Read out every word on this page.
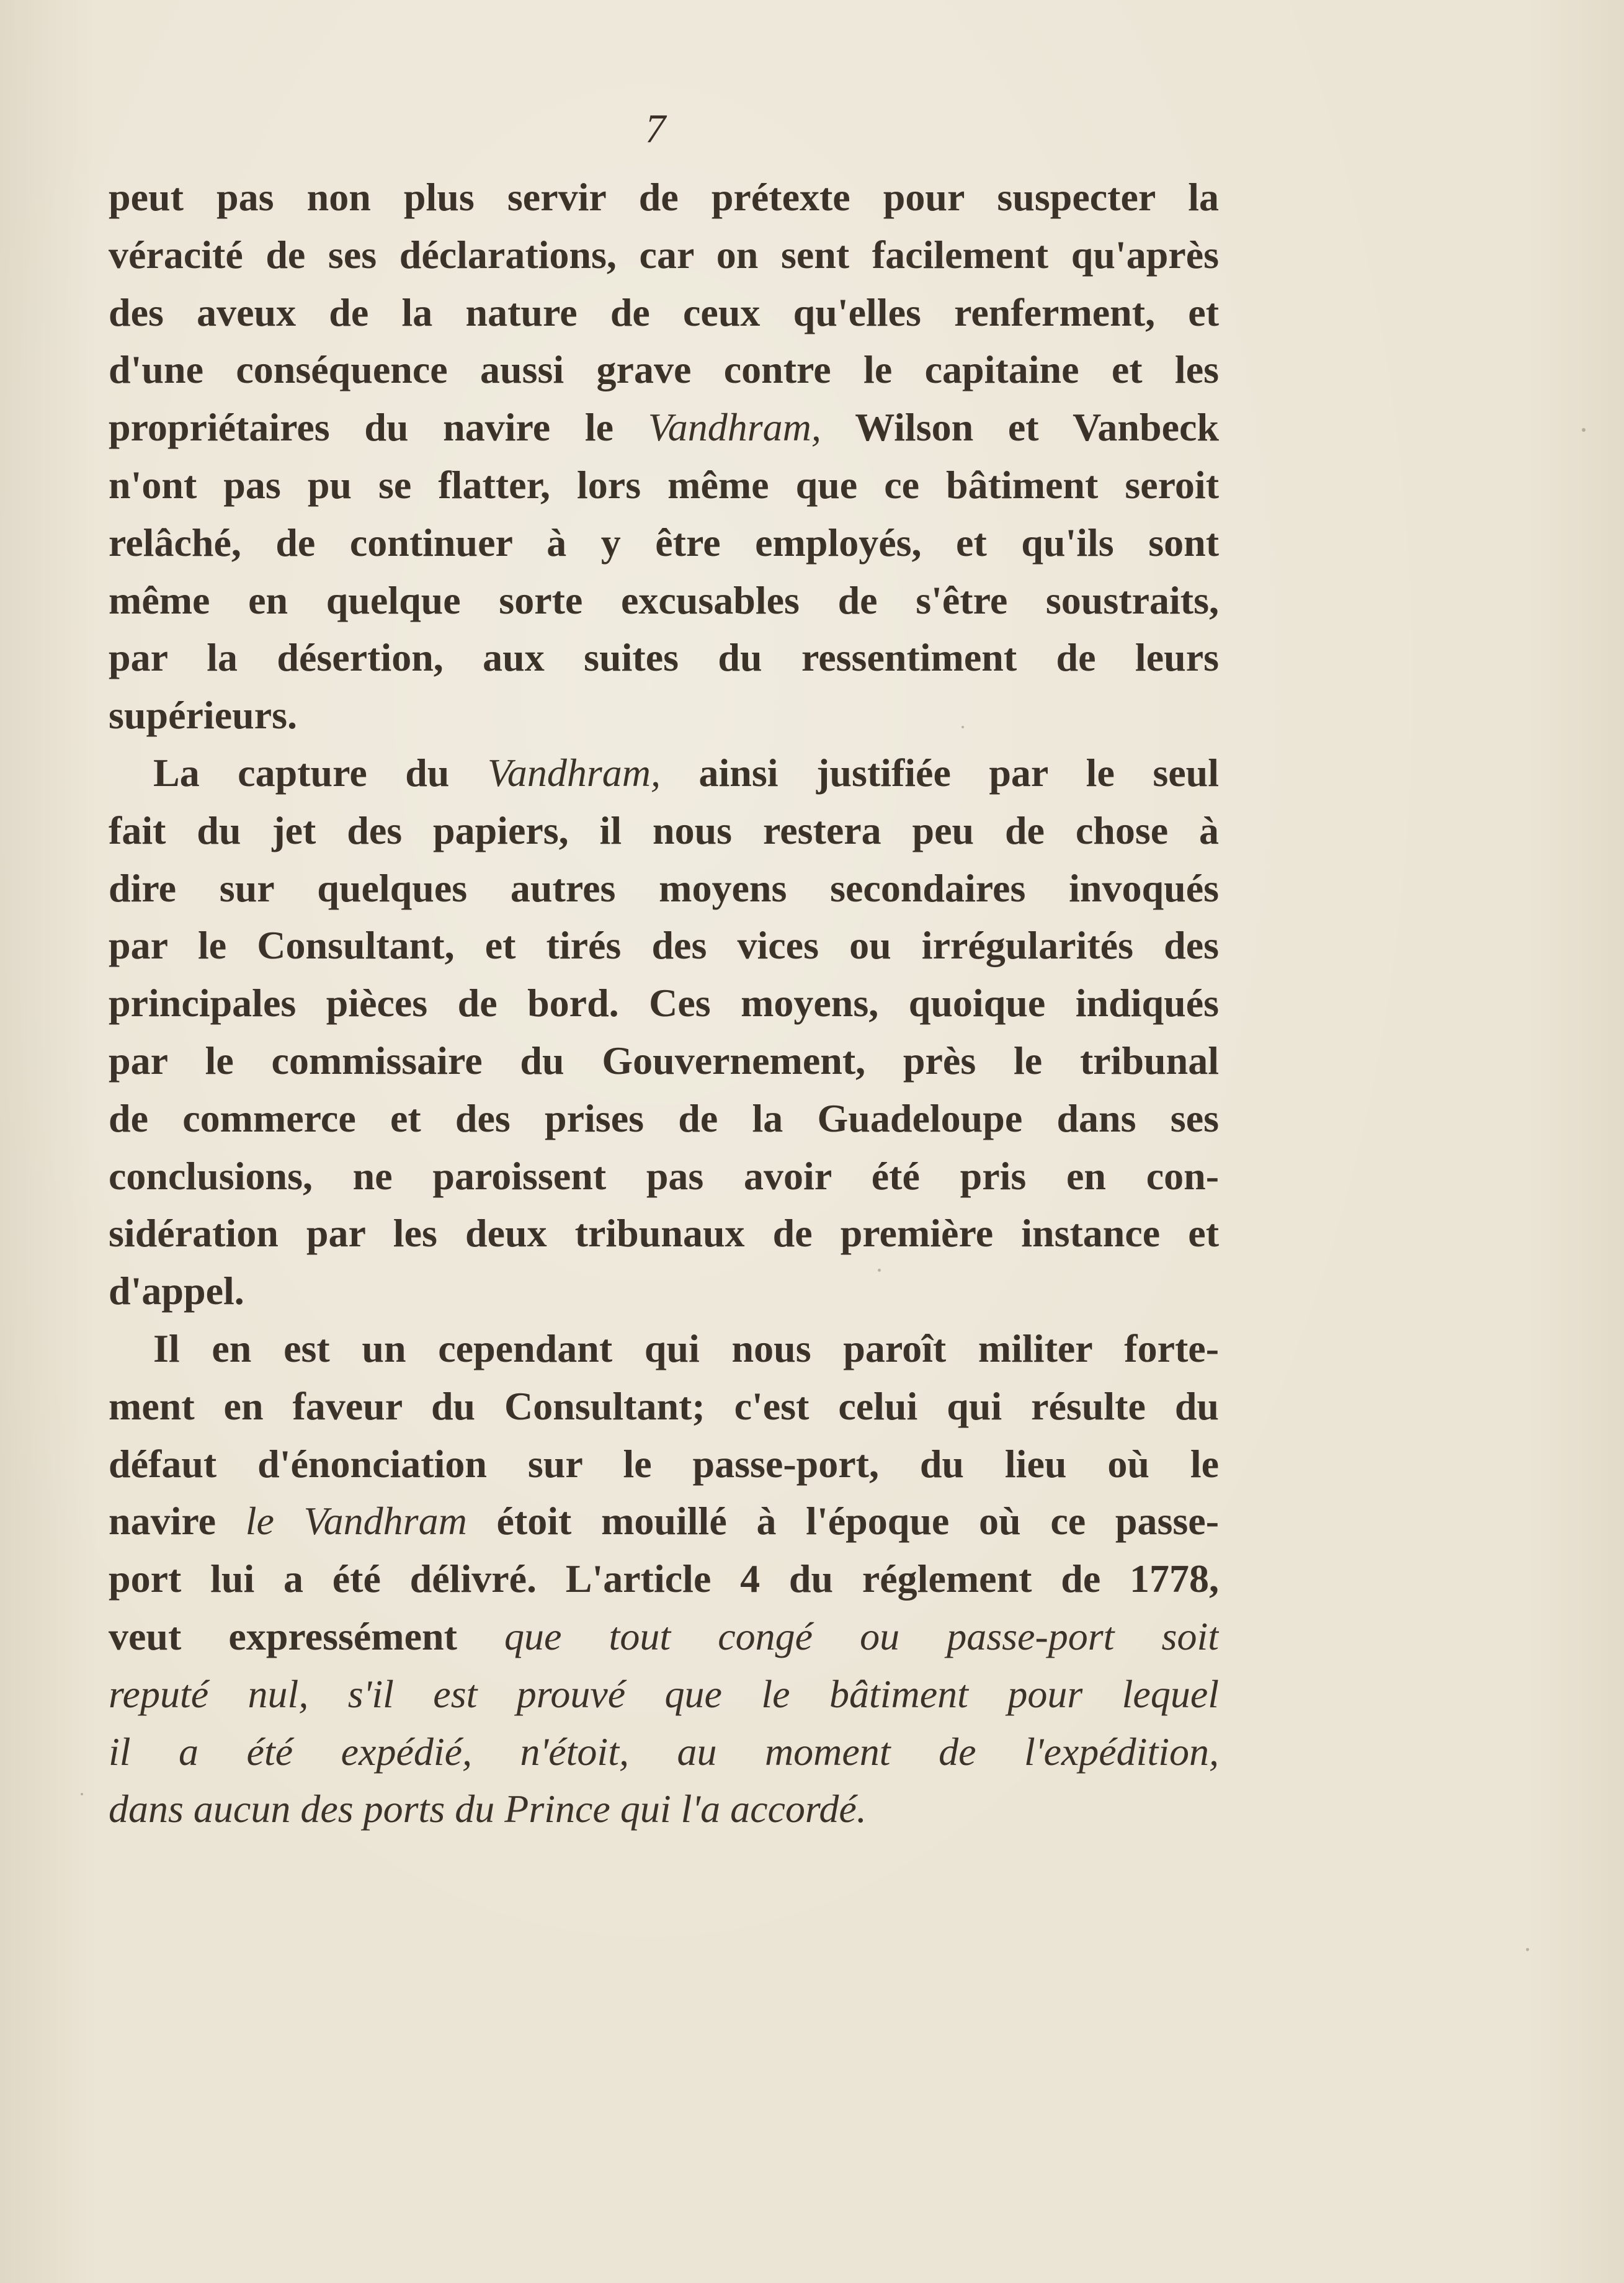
7
peut pas non plus servir de prétexte pour suspecter la
véracité de ses déclarations, car on sent facilement qu'après
des aveux de la nature de ceux qu'elles renferment, et
d'une conséquence aussi grave contre le capitaine et les
propriétaires du navire le Vandhram, Wilson et Vanbeck
n'ont pas pu se flatter, lors même que ce bâtiment seroit
relâché, de continuer à y être employés, et qu'ils sont
même en quelque sorte excusables de s'être soustraits,
par la désertion, aux suites du ressentiment de leurs
supérieurs.
La capture du Vandhram, ainsi justifiée par le seul
fait du jet des papiers, il nous restera peu de chose à
dire sur quelques autres moyens secondaires invoqués
par le Consultant, et tirés des vices ou irrégularités des
principales pièces de bord. Ces moyens, quoique indiqués
par le commissaire du Gouvernement, près le tribunal
de commerce et des prises de la Guadeloupe dans ses
conclusions, ne paroissent pas avoir été pris en con-
sidération par les deux tribunaux de première instance et
d'appel.
Il en est un cependant qui nous paroît militer forte-
ment en faveur du Consultant; c'est celui qui résulte du
défaut d'énonciation sur le passe-port, du lieu où le
navire le Vandhram étoit mouillé à l'époque où ce passe-
port lui a été délivré. L'article 4 du réglement de 1778,
veut expressément que tout congé ou passe-port soit
reputé nul, s'il est prouvé que le bâtiment pour lequel
il a été expédié, n'étoit, au moment de l'expédition,
dans aucun des ports du Prince qui l'a accordé.
